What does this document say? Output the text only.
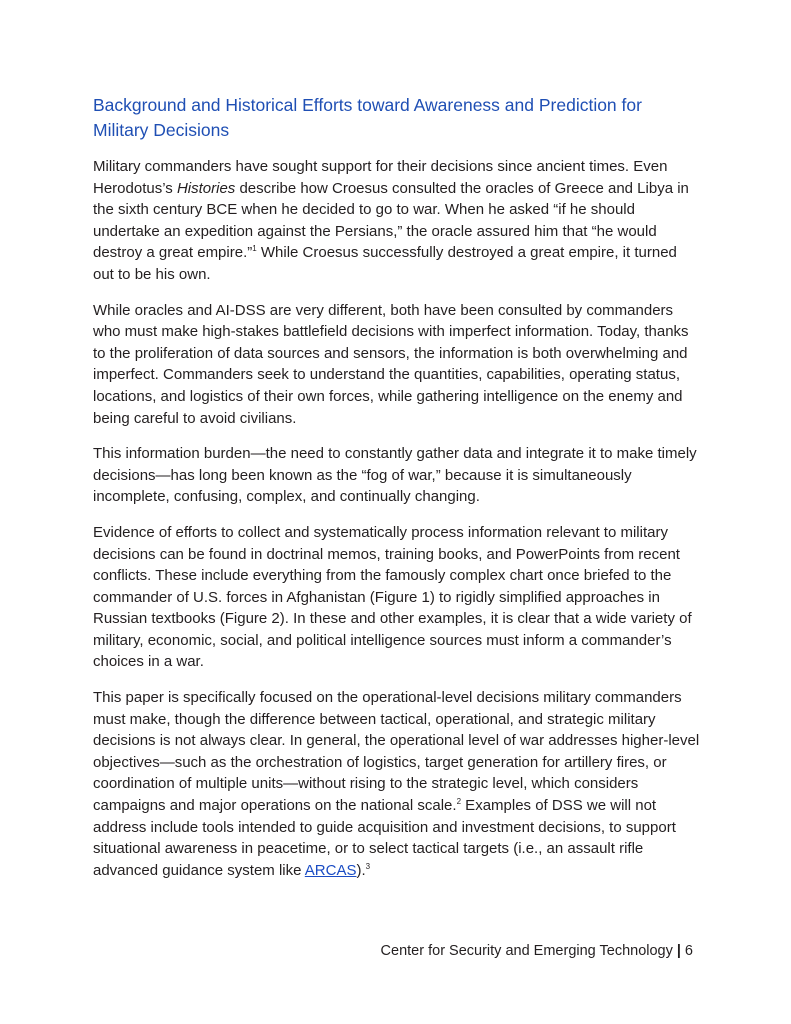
Background and Historical Efforts toward Awareness and Prediction for Military Decisions

Military commanders have sought support for their decisions since ancient times. Even Herodotus’s Histories describe how Croesus consulted the oracles of Greece and Libya in the sixth century BCE when he decided to go to war. When he asked “if he should undertake an expedition against the Persians,” the oracle assured him that “he would destroy a great empire.”$^1$ While Croesus successfully destroyed a great empire, it turned out to be his own.

While oracles and AI-DSS are very different, both have been consulted by commanders who must make high-stakes battlefield decisions with imperfect information. Today, thanks to the proliferation of data sources and sensors, the information is both overwhelming and imperfect. Commanders seek to understand the quantities, capabilities, operating status, locations, and logistics of their own forces, while gathering intelligence on the enemy and being careful to avoid civilians.

This information burden—the need to constantly gather data and integrate it to make timely decisions—has long been known as the “fog of war,” because it is simultaneously incomplete, confusing, complex, and continually changing.

Evidence of efforts to collect and systematically process information relevant to military decisions can be found in doctrinal memos, training books, and PowerPoints from recent conflicts. These include everything from the famously complex chart once briefed to the commander of U.S. forces in Afghanistan (Figure 1) to rigidly simplified approaches in Russian textbooks (Figure 2). In these and other examples, it is clear that a wide variety of military, economic, social, and political intelligence sources must inform a commander’s choices in a war.

This paper is specifically focused on the operational-level decisions military commanders must make, though the difference between tactical, operational, and strategic military decisions is not always clear. In general, the operational level of war addresses higher-level objectives—such as the orchestration of logistics, target generation for artillery fires, or coordination of multiple units—without rising to the strategic level, which considers campaigns and major operations on the national scale.$^2$ Examples of DSS we will not address include tools intended to guide acquisition and investment decisions, to support situational awareness in peacetime, or to select tactical targets (i.e., an assault rifle advanced guidance system like ARCAS).$^3$

Center for Security and Emerging Technology | 6
